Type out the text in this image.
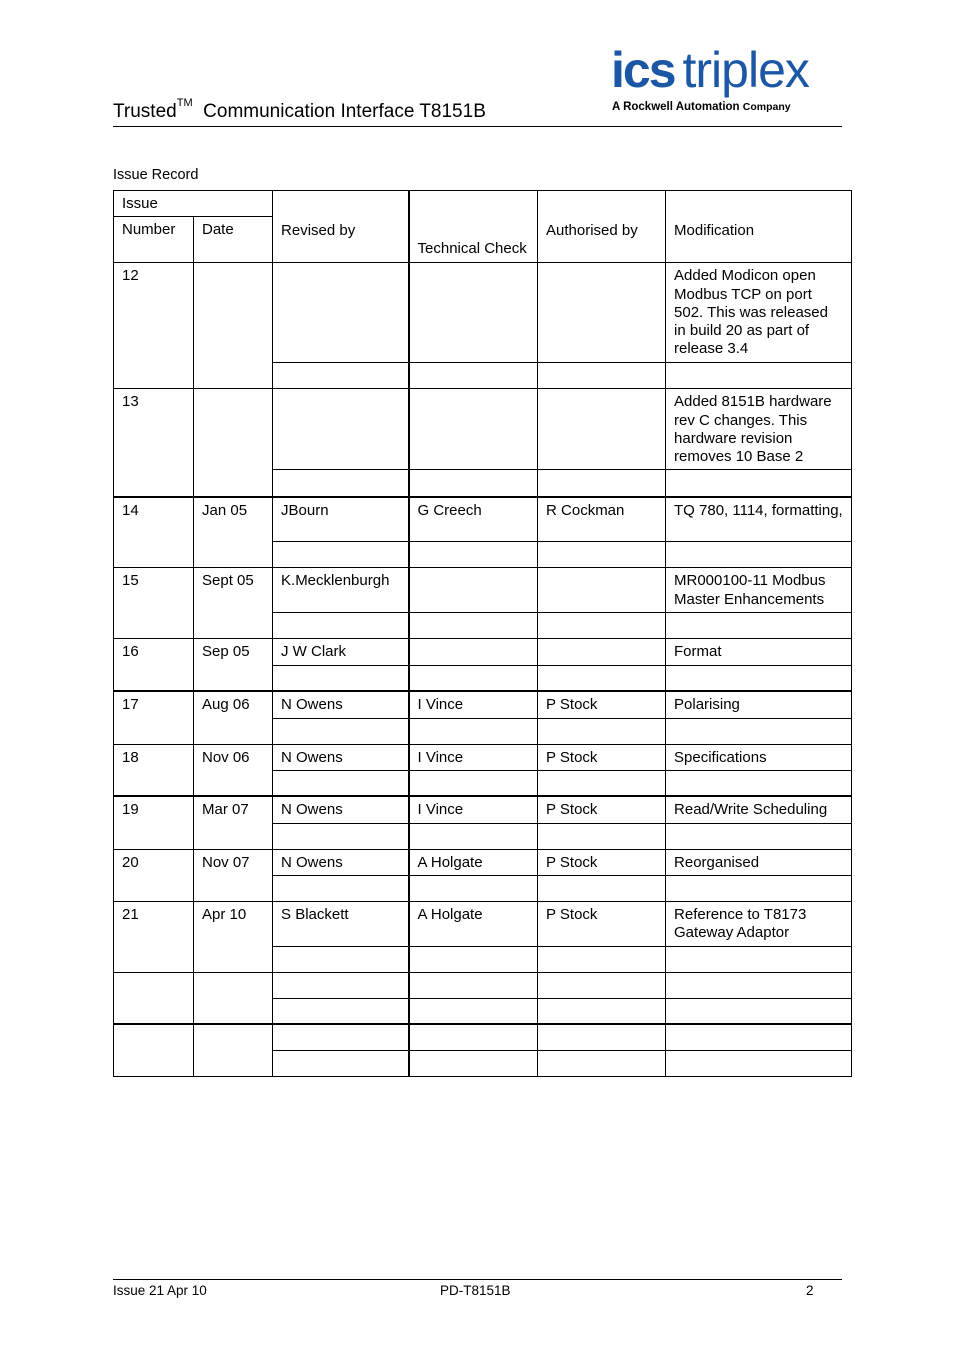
Trusted™ Communication Interface T8151B
ics triplex
A Rockwell Automation Company
Issue Record
Issue		Revised by	Technical Check	Authorised by	Modification
Number	Date				
12					Added Modicon open Modbus TCP on port 502. This was released in build 20 as part of release 3.4

13					Added 8151B hardware rev C changes. This hardware revision removes 10 Base 2

14	Jan 05	JBourn	G Creech	R Cockman	TQ 780, 1114, formatting,

15	Sept 05	K.Mecklenburgh			MR000100-11 Modbus Master Enhancements

16	Sep 05	J W Clark			Format

17	Aug 06	N Owens	I Vince	P Stock	Polarising

18	Nov 06	N Owens	I Vince	P Stock	Specifications

19	Mar 07	N Owens	I Vince	P Stock	Read/Write Scheduling

20	Nov 07	N Owens	A Holgate	P Stock	Reorganised

21	Apr 10	S Blackett	A Holgate	P Stock	Reference to T8173 Gateway Adaptor

Issue 21 Apr 10	PD-T8151B	2
